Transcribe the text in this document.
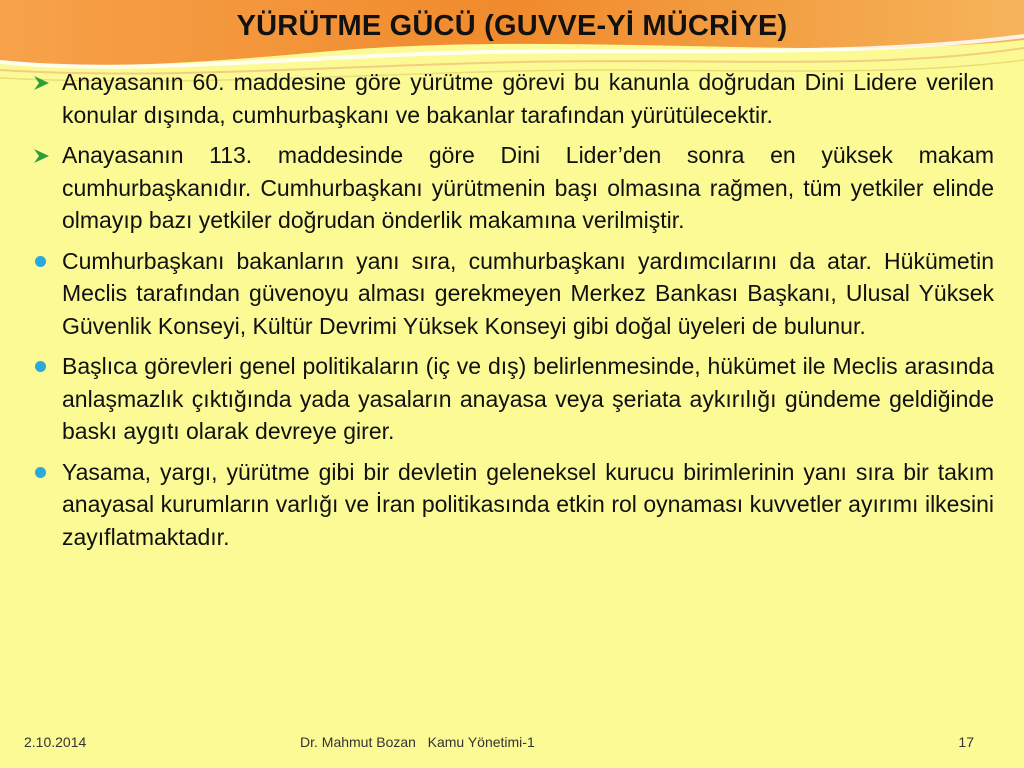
YÜRÜTME GÜCÜ (GUVVE-Yİ MÜCRİYE)
Anayasanın 60. maddesine göre yürütme görevi bu kanunla doğrudan Dini Lidere verilen konular dışında, cumhurbaşkanı ve bakanlar tarafından yürütülecektir.
Anayasanın 113. maddesinde göre Dini Lider’den sonra en yüksek makam cumhurbaşkanıdır. Cumhurbaşkanı yürütmenin başı olmasına rağmen, tüm yetkiler elinde olmayıp bazı yetkiler doğrudan önderlik makamına verilmiştir.
Cumhurbaşkanı bakanların yanı sıra, cumhurbaşkanı yardımcılarını da atar. Hükümetin Meclis tarafından güvenoyu alması gerekmeyen Merkez Bankası Başkanı, Ulusal Yüksek Güvenlik Konseyi, Kültür Devrimi Yüksek Konseyi gibi doğal üyeleri de bulunur.
Başlıca görevleri genel politikaların (iç ve dış) belirlenmesinde, hükümet ile Meclis arasında anlaşmazlık çıktığında yada yasaların anayasa veya şeriata aykırılığı gündeme geldiğinde baskı aygıtı olarak devreye girer.
Yasama, yargı, yürütme gibi bir devletin geleneksel kurucu birimlerinin yanı sıra bir takım anayasal kurumların varlığı ve İran politikasında etkin rol oynaması kuvvetler ayırımı ilkesini zayıflatmaktadır.
2.10.2014	Dr. Mahmut Bozan   Kamu Yönetimi-1	17
